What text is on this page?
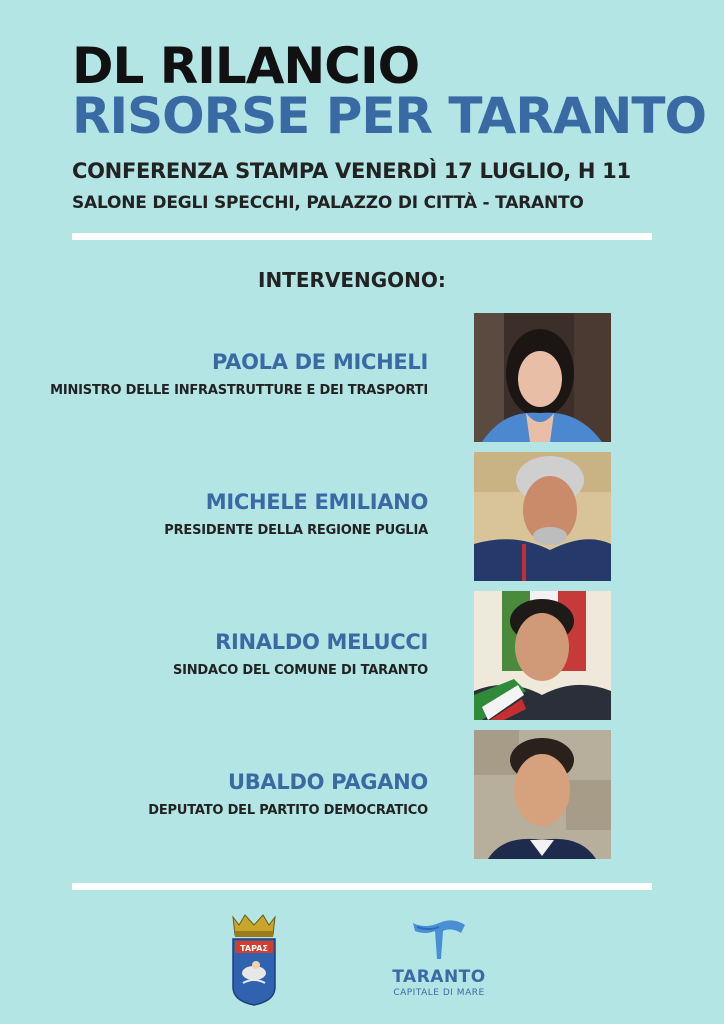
DL RILANCIO
RISORSE PER TARANTO
CONFERENZA STAMPA VENERDÌ 17 LUGLIO, H 11
SALONE DEGLI SPECCHI, PALAZZO DI CITTÀ - TARANTO
INTERVENGONO:
PAOLA DE MICHELI
MINISTRO DELLE INFRASTRUTTURE E DEI TRASPORTI
MICHELE EMILIANO
PRESIDENTE DELLA REGIONE PUGLIA
RINALDO MELUCCI
SINDACO DEL COMUNE DI TARANTO
UBALDO PAGANO
DEPUTATO DEL PARTITO DEMOCRATICO
TAPAΣ
TARANTO
CAPITALE DI MARE
